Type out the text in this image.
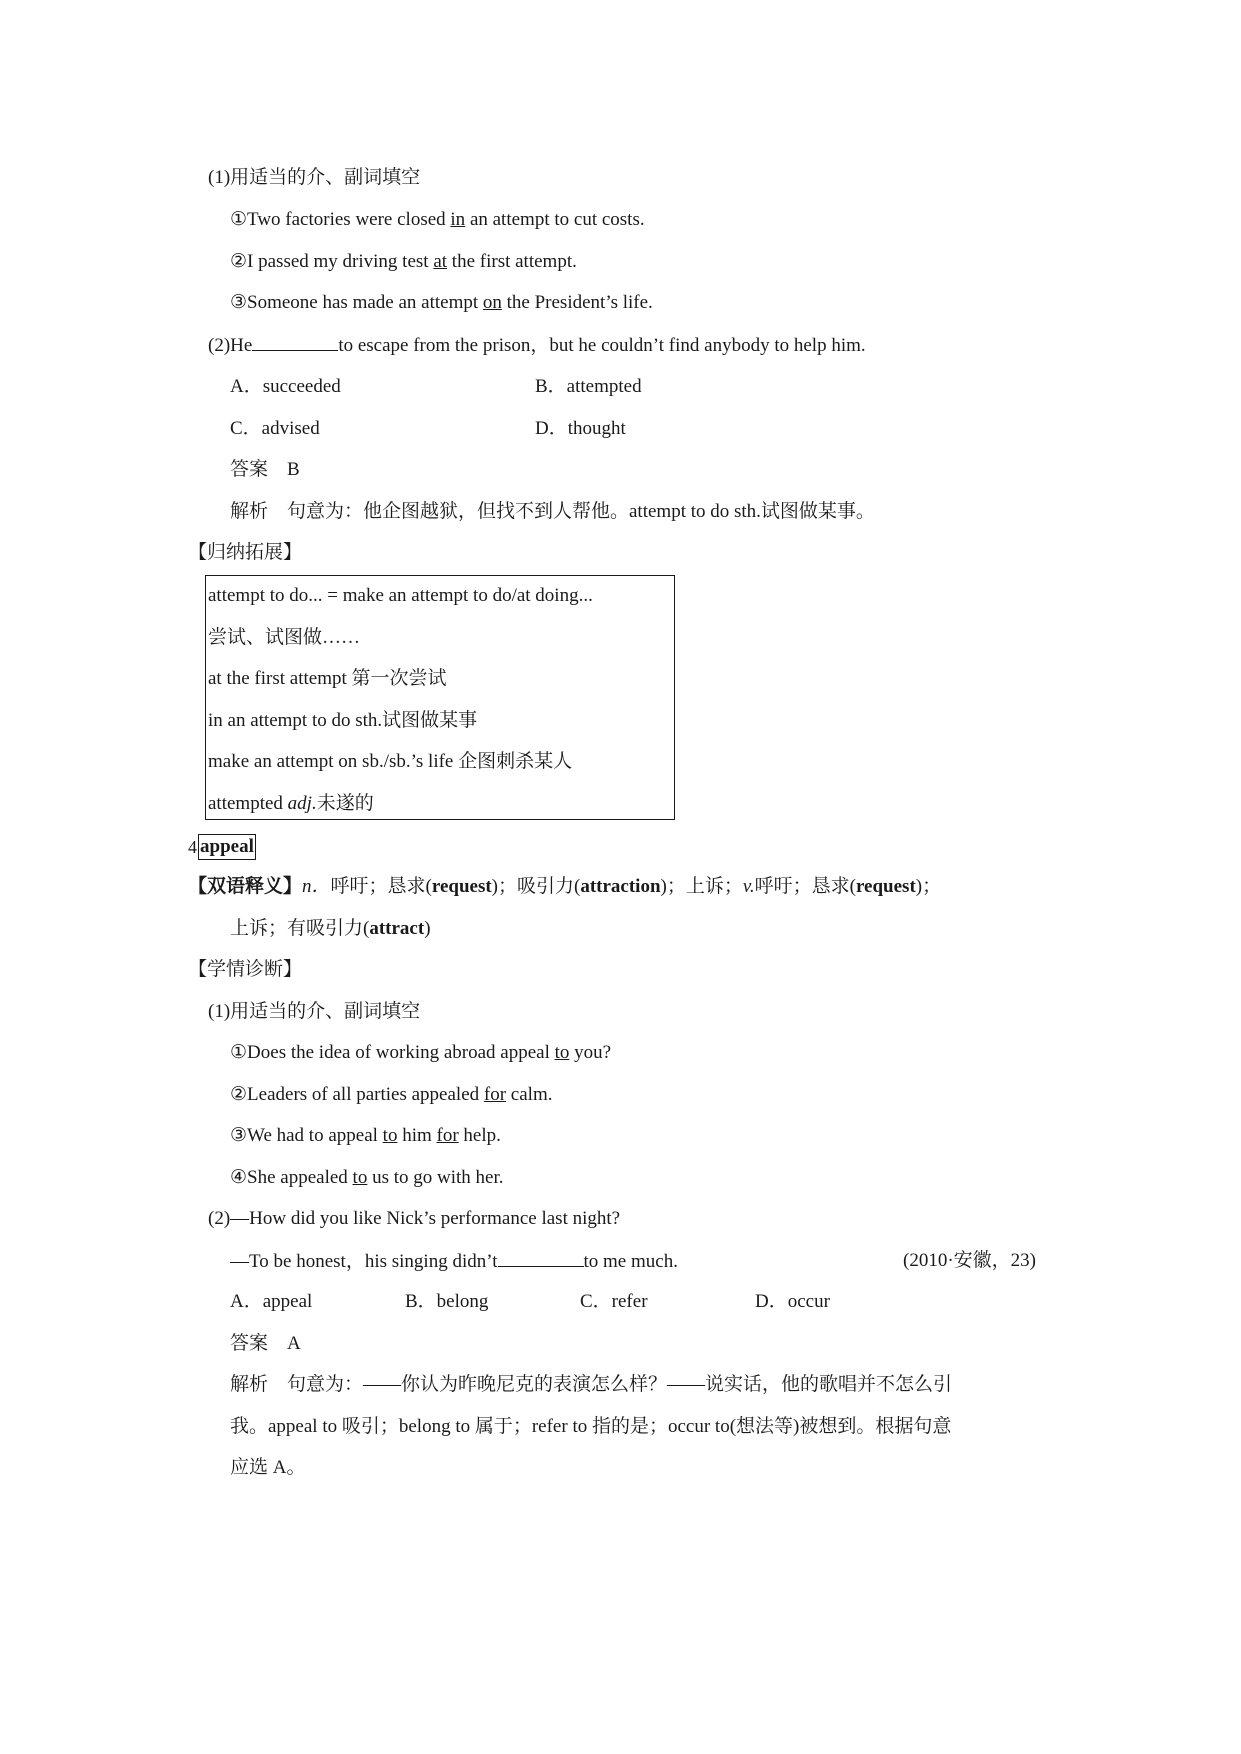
(1)用适当的介、副词填空
①Two factories were closed in an attempt to cut costs.
②I passed my driving test at the first attempt.
③Someone has made an attempt on the President’s life.
(2)He	to escape from the prison，but he couldn’t find anybody to help him.
A．succeeded	B．attempted
C．advised	D．thought
答案　B
解析　句意为：他企图越狱，但找不到人帮他。attempt to do sth.试图做某事。
【归纳拓展】
attempt to do... = make an attempt to do/at doing...
尝试、试图做……
at the first attempt 第一次尝试
in an attempt to do sth.试图做某事
make an attempt on sb./sb.’s life 企图刺杀某人
attempted adj.未遂的
4 appeal
【双语释义】n．呼吁；恳求(request)；吸引力(attraction)；上诉；v.呼吁；恳求(request)；
上诉；有吸引力(attract)
【学情诊断】
(1)用适当的介、副词填空
①Does the idea of working abroad appeal to you?
②Leaders of all parties appealed for calm.
③We had to appeal to him for help.
④She appealed to us to go with her.
(2)—How did you like Nick’s performance last night?
—To be honest，his singing didn’t	to me much.	(2010·安徽，23)
A．appeal	B．belong	C．refer	D．occur
答案　A
解析　句意为：——你认为昨晚尼克的表演怎么样？——说实话，他的歌唱并不怎么引
我。appeal to 吸引；belong to 属于；refer to 指的是；occur to(想法等)被想到。根据句意
应选 A。
